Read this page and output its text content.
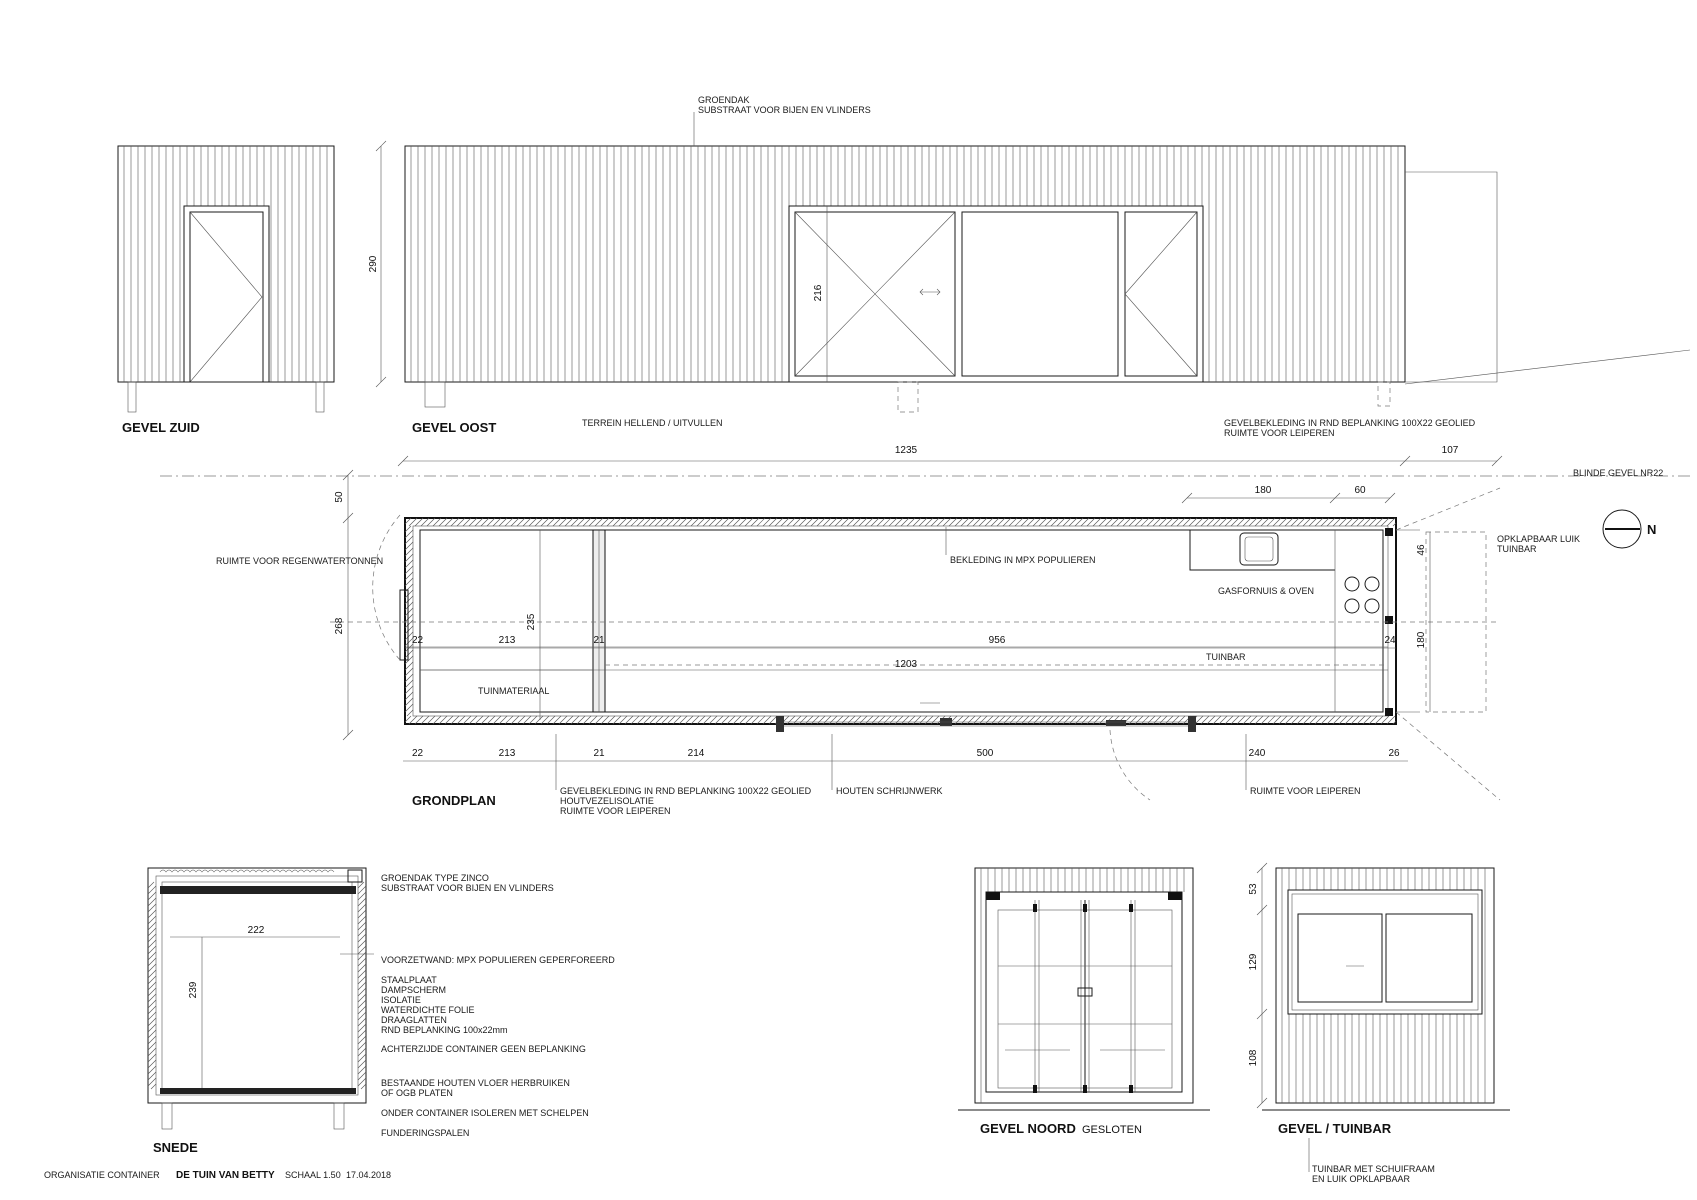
GEVEL ZUID
290
216
GROENDAK
SUBSTRAAT VOOR BIJEN EN VLINDERS
TERREIN HELLEND / UITVULLEN	GEVELBEKLEDING IN RND BEPLANKING 100X22 GEOLIED
RUIMTE VOOR LEIPEREN
GEVEL OOST
1235	107
BLINDE GEVEL NR22
180	60
50
268	235
46
180
22	213	21	956	24
1203
22	213	21	214	500	240	26
N
RUIMTE VOOR REGENWATERTONNEN	BEKLEDING IN MPX POPULIEREN
GASFORNUIS & OVEN
TUINBAR
TUINMATERIAAL
OPKLAPBAAR LUIK
TUINBAR
GEVELBEKLEDING IN RND BEPLANKING 100X22 GEOLIED
HOUTVEZELISOLATIE
RUIMTE VOOR LEIPEREN
HOUTEN SCHRIJNWERK	RUIMTE VOOR LEIPEREN
GRONDPLAN
222
239
GROENDAK TYPE ZINCO
SUBSTRAAT VOOR BIJEN EN VLINDERS
VOORZETWAND: MPX POPULIEREN GEPERFOREERD
STAALPLAAT
DAMPSCHERM
ISOLATIE
WATERDICHTE FOLIE
DRAAGLATTEN
RND BEPLANKING 100x22mm
ACHTERZIJDE CONTAINER GEEN BEPLANKING
BESTAANDE HOUTEN VLOER HERBRUIKEN
OF OGB PLATEN
ONDER CONTAINER ISOLEREN MET SCHELPEN
FUNDERINGSPALEN
SNEDE
GEVEL NOORD GESLOTEN
53
129
108
GEVEL / TUINBAR
TUINBAR MET SCHUIFRAAM
EN LUIK OPKLAPBAAR
ORGANISATIE CONTAINER DE TUIN VAN BETTY SCHAAL 1.50 17.04.2018
